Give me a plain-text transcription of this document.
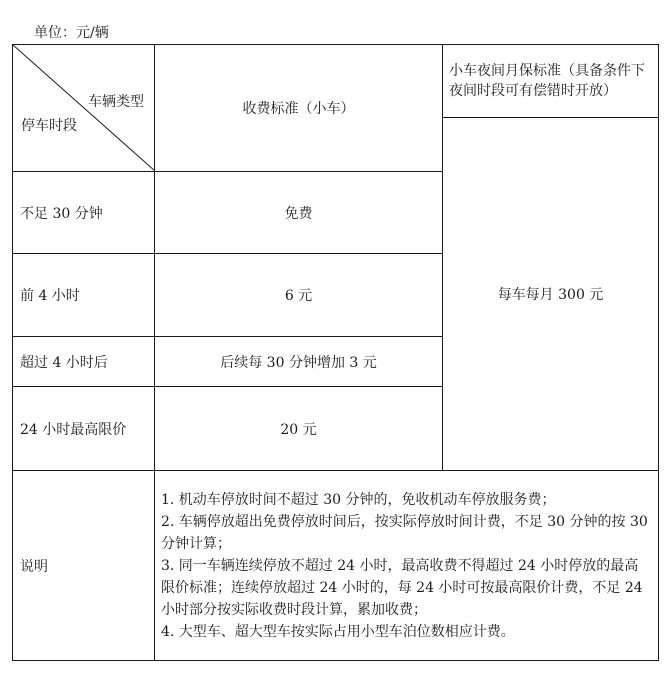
单位：元/辆
车辆类型
停车时段	收费标准（小车）	小车夜间月保标准（具备条件下夜间时段可有偿错时开放）
		每车每月 300 元
不足 30 分钟	免费	
前 4 小时	6 元	
超过 4 小时后	后续每 30 分钟增加 3 元	
24 小时最高限价	20 元	
说明	1. 机动车停放时间不超过 30 分钟的，免收机动车停放服务费；
2. 车辆停放超出免费停放时间后，按实际停放时间计费，不足 30 分钟的按 30 分钟计算；
3. 同一车辆连续停放不超过 24 小时，最高收费不得超过 24 小时停放的最高限价标准；连续停放超过 24 小时的，每 24 小时可按最高限价计费，不足 24 小时部分按实际收费时段计算，累加收费；
4. 大型车、超大型车按实际占用小型车泊位数相应计费。	
